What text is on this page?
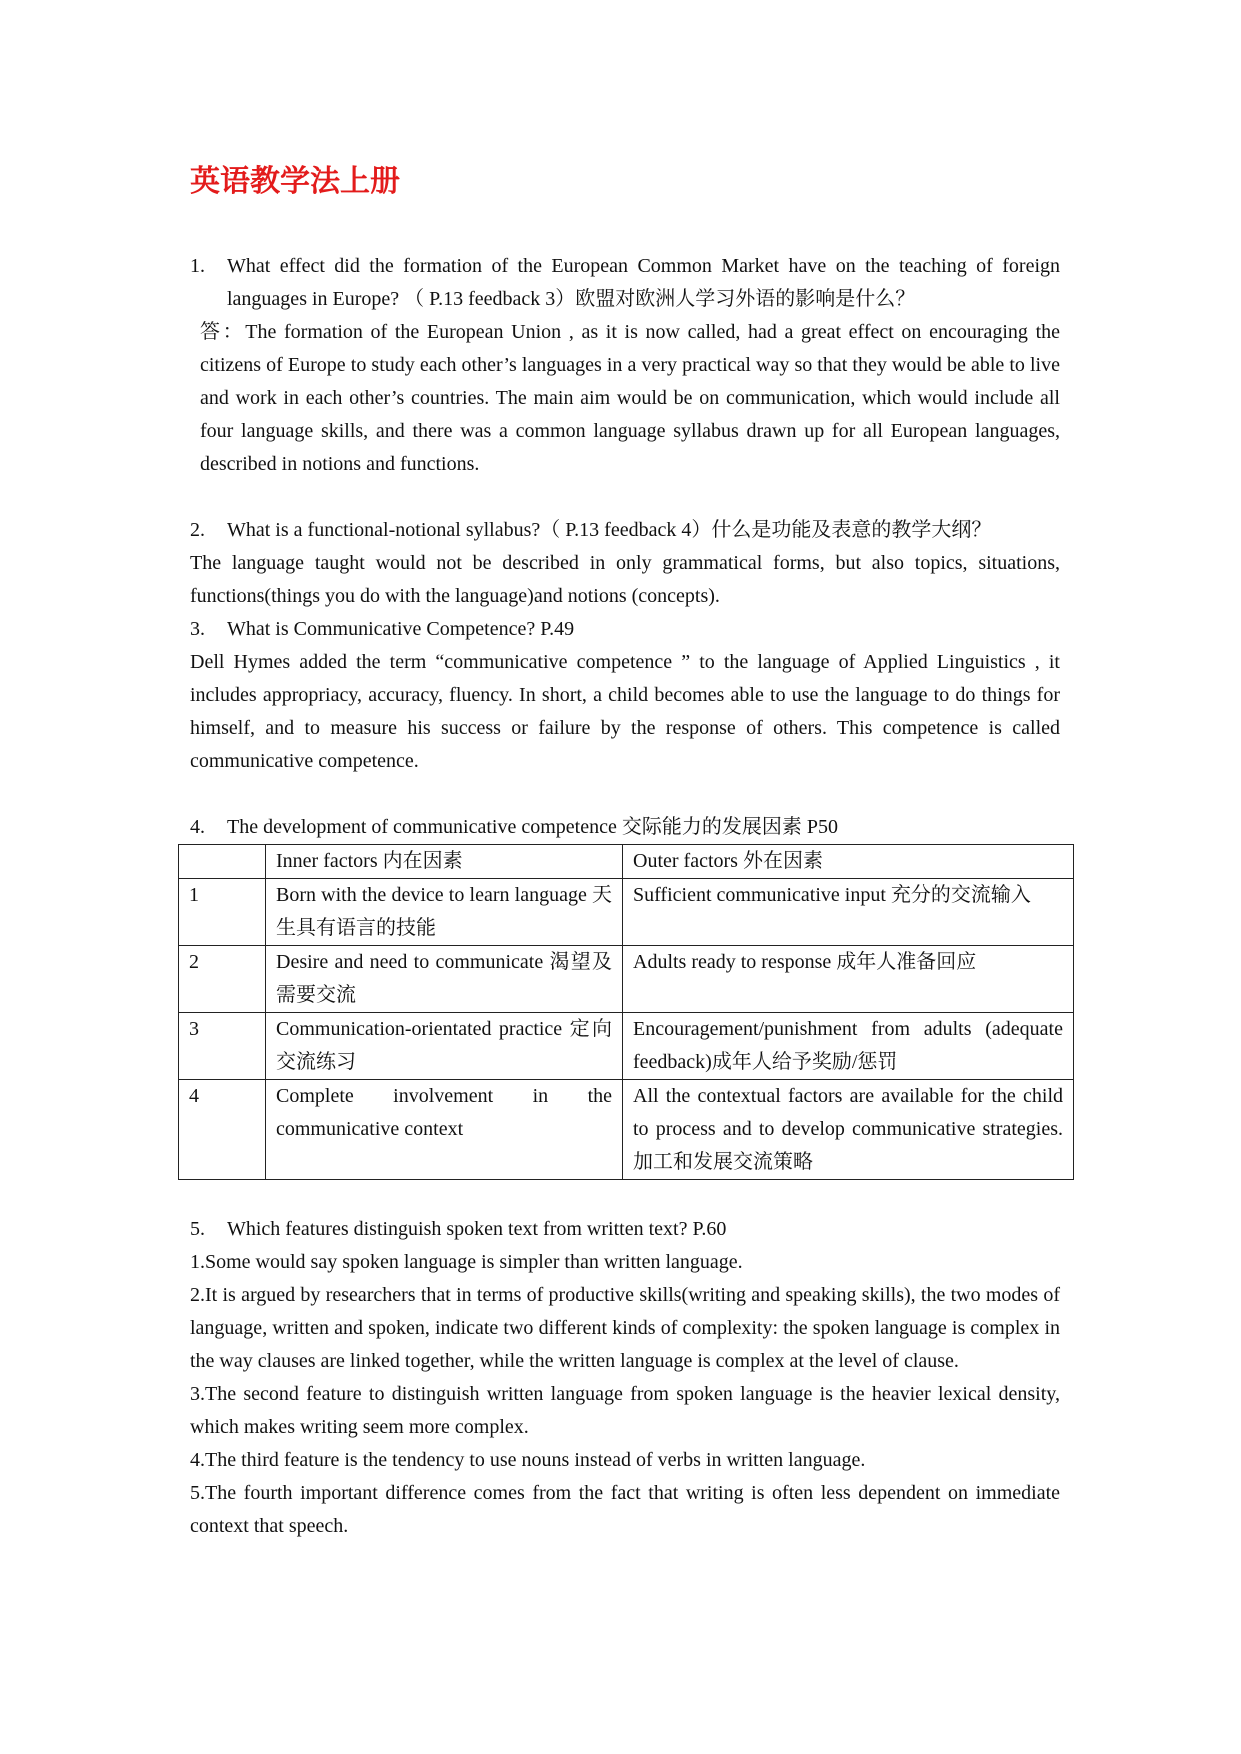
英语教学法上册
1.	What effect did the formation of the European Common Market have on the teaching of foreign languages in Europe? （ P.13 feedback 3）欧盟对欧洲人学习外语的影响是什么？

答：The formation of the European Union , as it is now called, had a great effect on encouraging the citizens of Europe to study each other’s languages in a very practical way so that they would be able to live and work in each other’s countries. The main aim would be on communication, which would include all four language skills, and there was a common language syllabus drawn up for all European languages, described in notions and functions.

2.	What is a functional-notional syllabus?（ P.13 feedback 4）什么是功能及表意的教学大纲？

The language taught would not be described in only grammatical forms, but also topics, situations, functions(things you do with the language)and notions (concepts).

3.	What is Communicative Competence? P.49

Dell Hymes added the term “communicative competence ” to the language of Applied Linguistics , it includes appropriacy, accuracy, fluency. In short, a child becomes able to use the language to do things for himself, and to measure his success or failure by the response of others. This competence is called communicative competence.

4.	The development of communicative competence 交际能力的发展因素 P50
	Inner factors 内在因素	Outer factors 外在因素
1	Born with the device to learn language 天生具有语言的技能	Sufficient communicative input 充分的交流输入
2	Desire and need to communicate 渴望及需要交流	Adults ready to response 成年人准备回应
3	Communication-orientated practice 定向交流练习	Encouragement/punishment from adults (adequate feedback)成年人给予奖励/惩罚
4	Complete involvement in the communicative context	All the contextual factors are available for the child to process and to develop communicative strategies.加工和发展交流策略
5.	Which features distinguish spoken text from written text? P.60

1.Some would say spoken language is simpler than written language.

2.It is argued by researchers that in terms of productive skills(writing and speaking skills), the two modes of language, written and spoken, indicate two different kinds of complexity: the spoken language is complex in the way clauses are linked together, while the written language is complex at the level of clause.

3.The second feature to distinguish written language from spoken language is the heavier lexical density, which makes writing seem more complex.

4.The third feature is the tendency to use nouns instead of verbs in written language.

5.The fourth important difference comes from the fact that writing is often less dependent on immediate context that speech.
